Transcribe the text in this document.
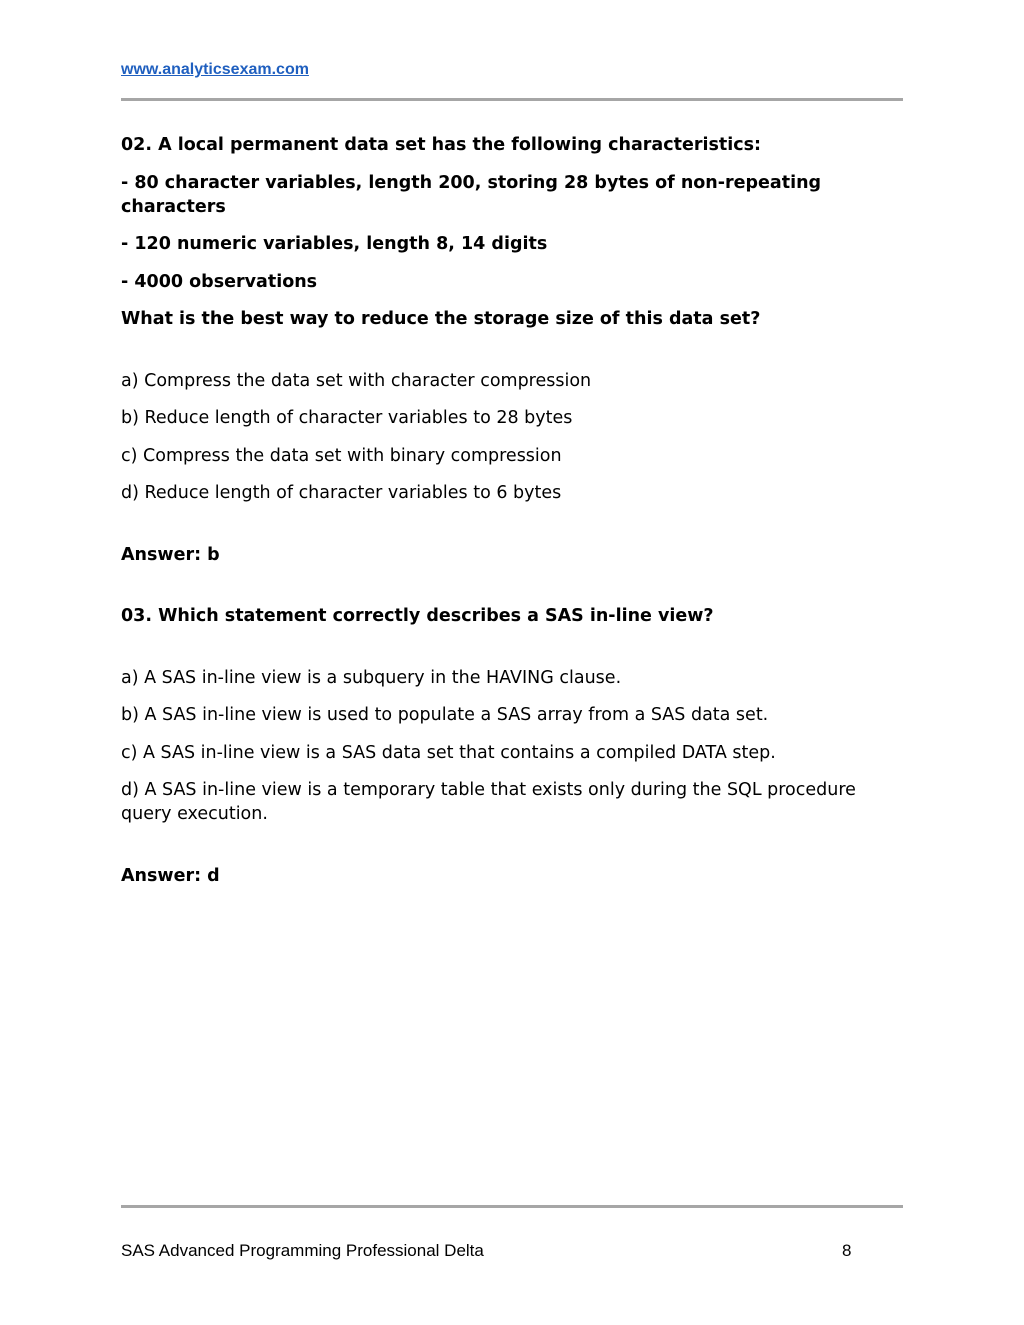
www.analyticsexam.com

02. A local permanent data set has the following characteristics:

- 80 character variables, length 200, storing 28 bytes of non-repeating characters

- 120 numeric variables, length 8, 14 digits

- 4000 observations

What is the best way to reduce the storage size of this data set?

a) Compress the data set with character compression

b) Reduce length of character variables to 28 bytes

c) Compress the data set with binary compression

d) Reduce length of character variables to 6 bytes

Answer: b

03. Which statement correctly describes a SAS in-line view?

a) A SAS in-line view is a subquery in the HAVING clause.

b) A SAS in-line view is used to populate a SAS array from a SAS data set.

c) A SAS in-line view is a SAS data set that contains a compiled DATA step.

d) A SAS in-line view is a temporary table that exists only during the SQL procedure query execution.

Answer: d

SAS Advanced Programming Professional Delta	8
